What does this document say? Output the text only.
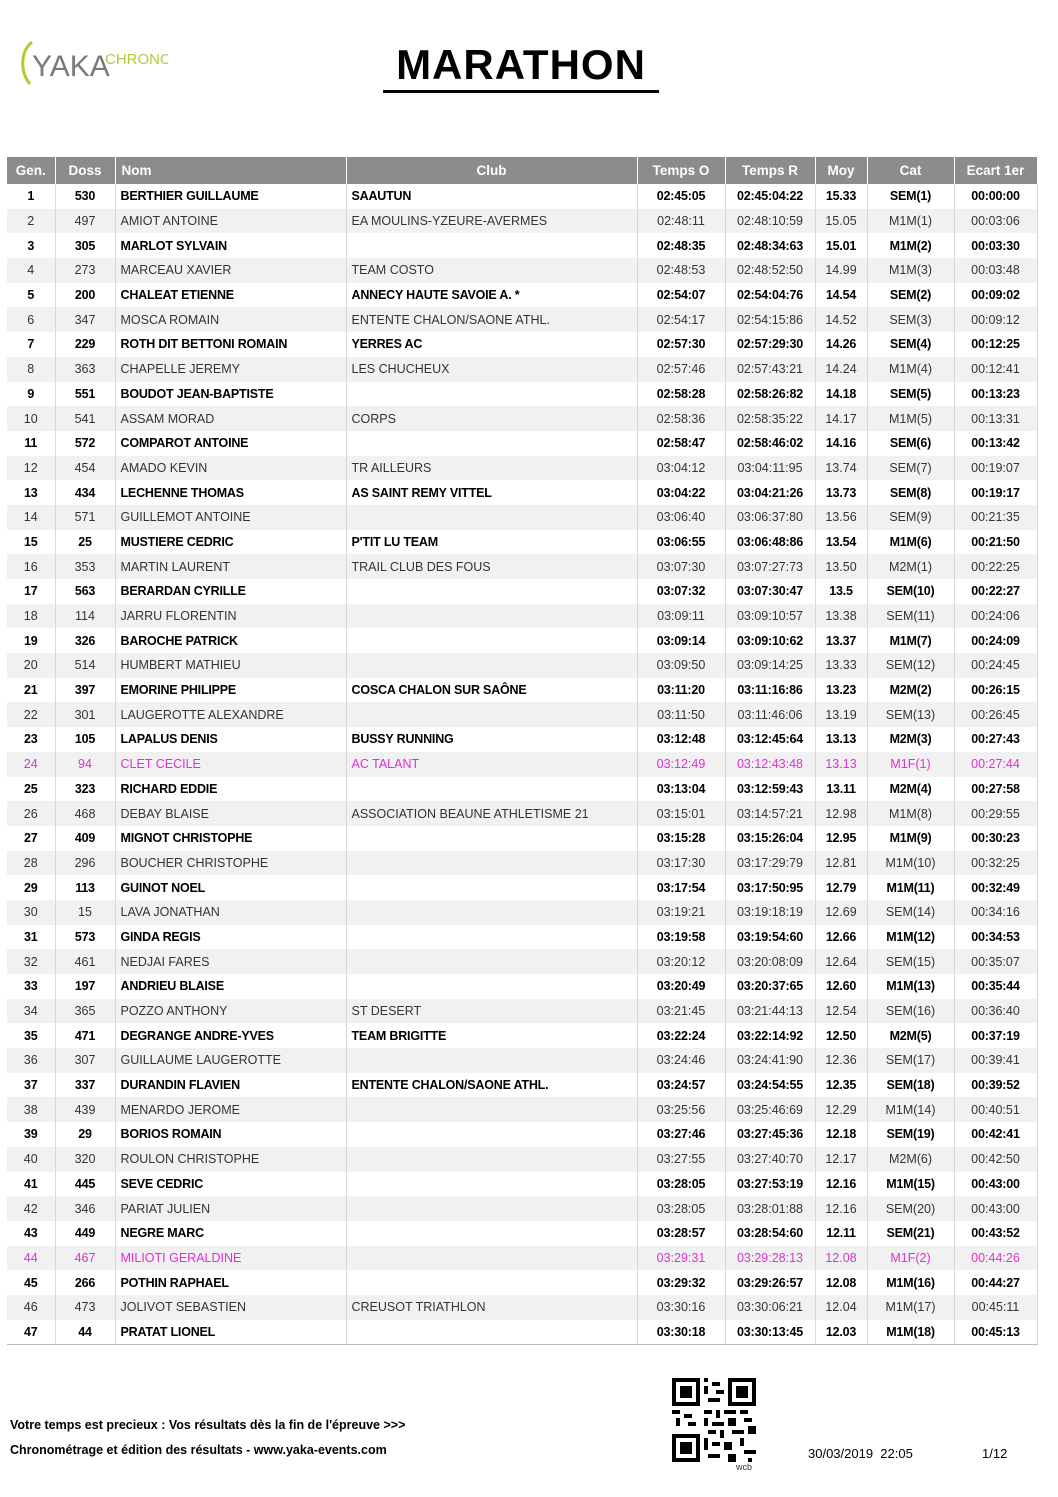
YAKA
CHRONO	MARATHON
Gen.	Doss	Nom	Club	Temps O	Temps R	Moy	Cat	Ecart 1er
1	530	BERTHIER GUILLAUME	SAAUTUN	02:45:05	02:45:04:22	15.33	SEM(1)	00:00:00
2	497	AMIOT ANTOINE	EA MOULINS-YZEURE-AVERMES	02:48:11	02:48:10:59	15.05	M1M(1)	00:03:06
3	305	MARLOT SYLVAIN		02:48:35	02:48:34:63	15.01	M1M(2)	00:03:30
4	273	MARCEAU XAVIER	TEAM COSTO	02:48:53	02:48:52:50	14.99	M1M(3)	00:03:48
5	200	CHALEAT ETIENNE	ANNECY HAUTE SAVOIE A. *	02:54:07	02:54:04:76	14.54	SEM(2)	00:09:02
6	347	MOSCA ROMAIN	ENTENTE CHALON/SAONE ATHL.	02:54:17	02:54:15:86	14.52	SEM(3)	00:09:12
7	229	ROTH DIT BETTONI ROMAIN	YERRES AC	02:57:30	02:57:29:30	14.26	SEM(4)	00:12:25
8	363	CHAPELLE JEREMY	LES CHUCHEUX	02:57:46	02:57:43:21	14.24	M1M(4)	00:12:41
9	551	BOUDOT JEAN-BAPTISTE		02:58:28	02:58:26:82	14.18	SEM(5)	00:13:23
10	541	ASSAM MORAD	CORPS	02:58:36	02:58:35:22	14.17	M1M(5)	00:13:31
11	572	COMPAROT ANTOINE		02:58:47	02:58:46:02	14.16	SEM(6)	00:13:42
12	454	AMADO KEVIN	TR AILLEURS	03:04:12	03:04:11:95	13.74	SEM(7)	00:19:07
13	434	LECHENNE THOMAS	AS SAINT REMY VITTEL	03:04:22	03:04:21:26	13.73	SEM(8)	00:19:17
14	571	GUILLEMOT ANTOINE		03:06:40	03:06:37:80	13.56	SEM(9)	00:21:35
15	25	MUSTIERE CEDRIC	P'TIT LU TEAM	03:06:55	03:06:48:86	13.54	M1M(6)	00:21:50
16	353	MARTIN LAURENT	TRAIL CLUB DES FOUS	03:07:30	03:07:27:73	13.50	M2M(1)	00:22:25
17	563	BERARDAN CYRILLE		03:07:32	03:07:30:47	13.5	SEM(10)	00:22:27
18	114	JARRU FLORENTIN		03:09:11	03:09:10:57	13.38	SEM(11)	00:24:06
19	326	BAROCHE PATRICK		03:09:14	03:09:10:62	13.37	M1M(7)	00:24:09
20	514	HUMBERT MATHIEU		03:09:50	03:09:14:25	13.33	SEM(12)	00:24:45
21	397	EMORINE PHILIPPE	COSCA CHALON SUR SAÔNE	03:11:20	03:11:16:86	13.23	M2M(2)	00:26:15
22	301	LAUGEROTTE ALEXANDRE		03:11:50	03:11:46:06	13.19	SEM(13)	00:26:45
23	105	LAPALUS DENIS	BUSSY RUNNING	03:12:48	03:12:45:64	13.13	M2M(3)	00:27:43
24	94	CLET CECILE	AC TALANT	03:12:49	03:12:43:48	13.13	M1F(1)	00:27:44
25	323	RICHARD EDDIE		03:13:04	03:12:59:43	13.11	M2M(4)	00:27:58
26	468	DEBAY BLAISE	ASSOCIATION BEAUNE ATHLETISME 21	03:15:01	03:14:57:21	12.98	M1M(8)	00:29:55
27	409	MIGNOT CHRISTOPHE		03:15:28	03:15:26:04	12.95	M1M(9)	00:30:23
28	296	BOUCHER CHRISTOPHE		03:17:30	03:17:29:79	12.81	M1M(10)	00:32:25
29	113	GUINOT NOEL		03:17:54	03:17:50:95	12.79	M1M(11)	00:32:49
30	15	LAVA JONATHAN		03:19:21	03:19:18:19	12.69	SEM(14)	00:34:16
31	573	GINDA REGIS		03:19:58	03:19:54:60	12.66	M1M(12)	00:34:53
32	461	NEDJAI FARES		03:20:12	03:20:08:09	12.64	SEM(15)	00:35:07
33	197	ANDRIEU BLAISE		03:20:49	03:20:37:65	12.60	M1M(13)	00:35:44
34	365	POZZO ANTHONY	ST DESERT	03:21:45	03:21:44:13	12.54	SEM(16)	00:36:40
35	471	DEGRANGE ANDRE-YVES	TEAM BRIGITTE	03:22:24	03:22:14:92	12.50	M2M(5)	00:37:19
36	307	GUILLAUME LAUGEROTTE		03:24:46	03:24:41:90	12.36	SEM(17)	00:39:41
37	337	DURANDIN FLAVIEN	ENTENTE CHALON/SAONE ATHL.	03:24:57	03:24:54:55	12.35	SEM(18)	00:39:52
38	439	MENARDO JEROME		03:25:56	03:25:46:69	12.29	M1M(14)	00:40:51
39	29	BORIOS ROMAIN		03:27:46	03:27:45:36	12.18	SEM(19)	00:42:41
40	320	ROULON CHRISTOPHE		03:27:55	03:27:40:70	12.17	M2M(6)	00:42:50
41	445	SEVE CEDRIC		03:28:05	03:27:53:19	12.16	M1M(15)	00:43:00
42	346	PARIAT JULIEN		03:28:05	03:28:01:88	12.16	SEM(20)	00:43:00
43	449	NEGRE MARC		03:28:57	03:28:54:60	12.11	SEM(21)	00:43:52
44	467	MILIOTI GERALDINE		03:29:31	03:29:28:13	12.08	M1F(2)	00:44:26
45	266	POTHIN RAPHAEL		03:29:32	03:29:26:57	12.08	M1M(16)	00:44:27
46	473	JOLIVOT SEBASTIEN	CREUSOT TRIATHLON	03:30:16	03:30:06:21	12.04	M1M(17)	00:45:11
47	44	PRATAT LIONEL		03:30:18	03:30:13:45	12.03	M1M(18)	00:45:13
Votre temps est precieux : Vos résultats dès la fin de l'épreuve >>>
Chronométrage et édition des résultats - www.yaka-events.com
wcb
30/03/2019  22:05	1/12
